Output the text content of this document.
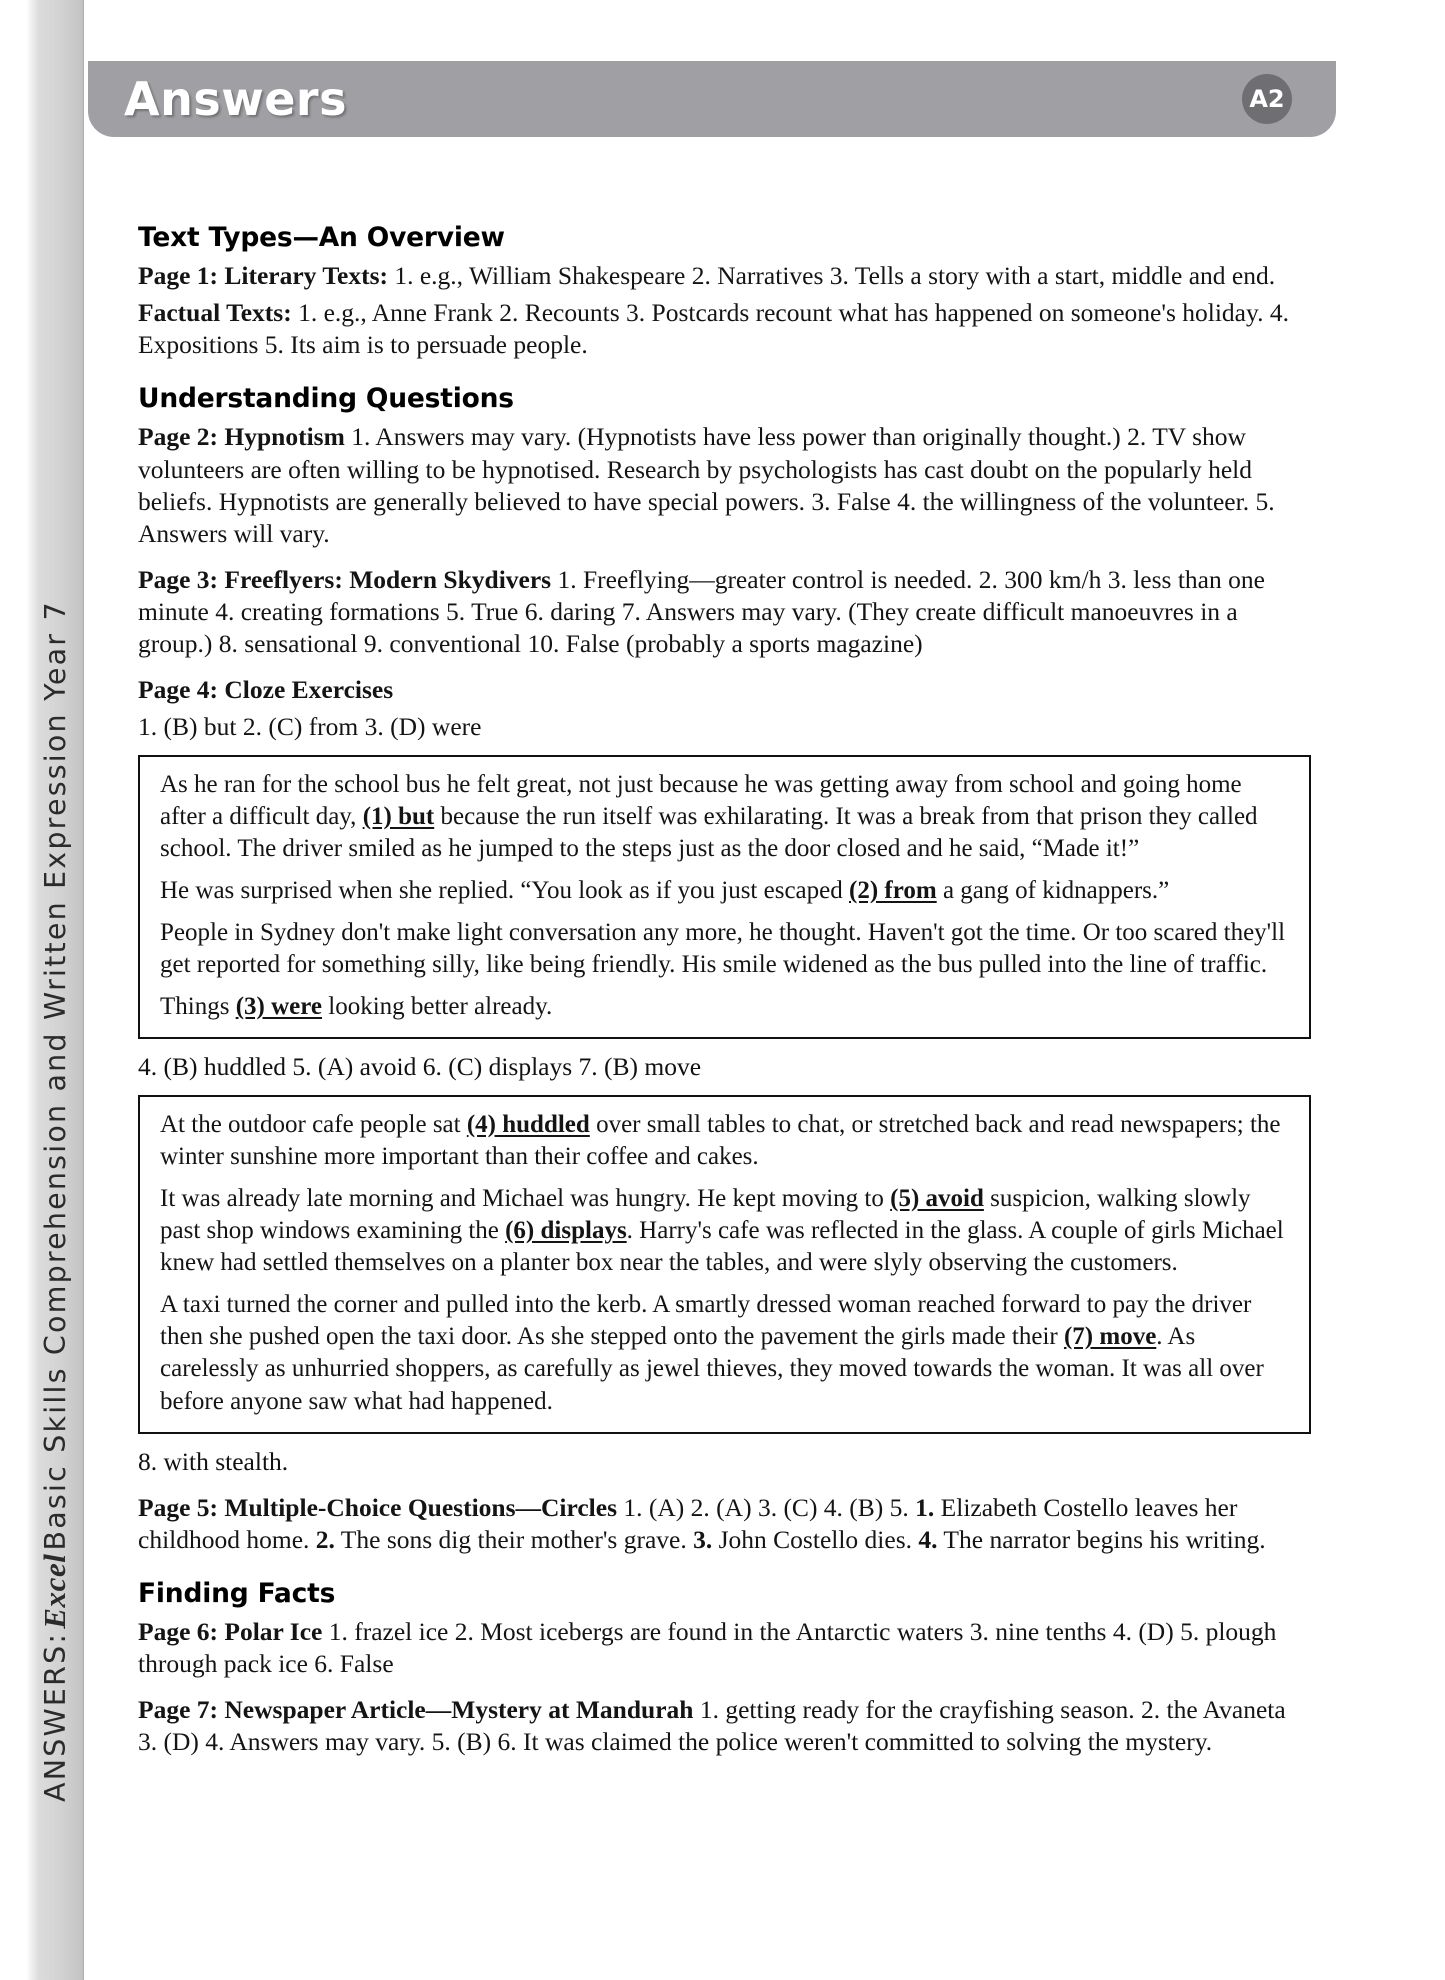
ANSWERS:
Excel
Basic Skills Comprehension and Written Expression Year 7
Answers	A2
Text Types—An Overview

Page 1: Literary Texts: 1. e.g., William Shakespeare 2. Narratives 3. Tells a story with a start, middle and end.

Factual Texts: 1. e.g., Anne Frank 2. Recounts 3. Postcards recount what has happened on someone's holiday. 4. Expositions 5. Its aim is to persuade people.

Understanding Questions

Page 2: Hypnotism 1. Answers may vary. (Hypnotists have less power than originally thought.) 2. TV show volunteers are often willing to be hypnotised. Research by psychologists has cast doubt on the popularly held beliefs. Hypnotists are generally believed to have special powers. 3. False 4. the willingness of the volunteer. 5. Answers will vary.

Page 3: Freeflyers: Modern Skydivers 1. Freeflying—greater control is needed. 2. 300 km/h 3. less than one minute 4. creating formations 5. True 6. daring 7. Answers may vary. (They create difficult manoeuvres in a group.) 8. sensational 9. conventional 10. False (probably a sports magazine)

Page 4: Cloze Exercises

1. (B) but 2. (C) from 3. (D) were

As he ran for the school bus he felt great, not just because he was getting away from school and going home after a difficult day, (1) but because the run itself was exhilarating. It was a break from that prison they called school. The driver smiled as he jumped to the steps just as the door closed and he said, “Made it!”

He was surprised when she replied. “You look as if you just escaped (2) from a gang of kidnappers.”

People in Sydney don't make light conversation any more, he thought. Haven't got the time. Or too scared they'll get reported for something silly, like being friendly. His smile widened as the bus pulled into the line of traffic.

Things (3) were looking better already.

4. (B) huddled 5. (A) avoid 6. (C) displays 7. (B) move

At the outdoor cafe people sat (4) huddled over small tables to chat, or stretched back and read newspapers; the winter sunshine more important than their coffee and cakes.

It was already late morning and Michael was hungry. He kept moving to (5) avoid suspicion, walking slowly past shop windows examining the (6) displays. Harry's cafe was reflected in the glass. A couple of girls Michael knew had settled themselves on a planter box near the tables, and were slyly observing the customers.

A taxi turned the corner and pulled into the kerb. A smartly dressed woman reached forward to pay the driver then she pushed open the taxi door. As she stepped onto the pavement the girls made their (7) move. As carelessly as unhurried shoppers, as carefully as jewel thieves, they moved towards the woman. It was all over before anyone saw what had happened.

8. with stealth.

Page 5: Multiple-Choice Questions—Circles 1. (A) 2. (A) 3. (C) 4. (B) 5. 1. Elizabeth Costello leaves her childhood home. 2. The sons dig their mother's grave. 3. John Costello dies. 4. The narrator begins his writing.

Finding Facts

Page 6: Polar Ice 1. frazel ice 2. Most icebergs are found in the Antarctic waters 3. nine tenths 4. (D) 5. plough through pack ice 6. False

Page 7: Newspaper Article—Mystery at Mandurah 1. getting ready for the crayfishing season. 2. the Avaneta 3. (D) 4. Answers may vary. 5. (B) 6. It was claimed the police weren't committed to solving the mystery.
